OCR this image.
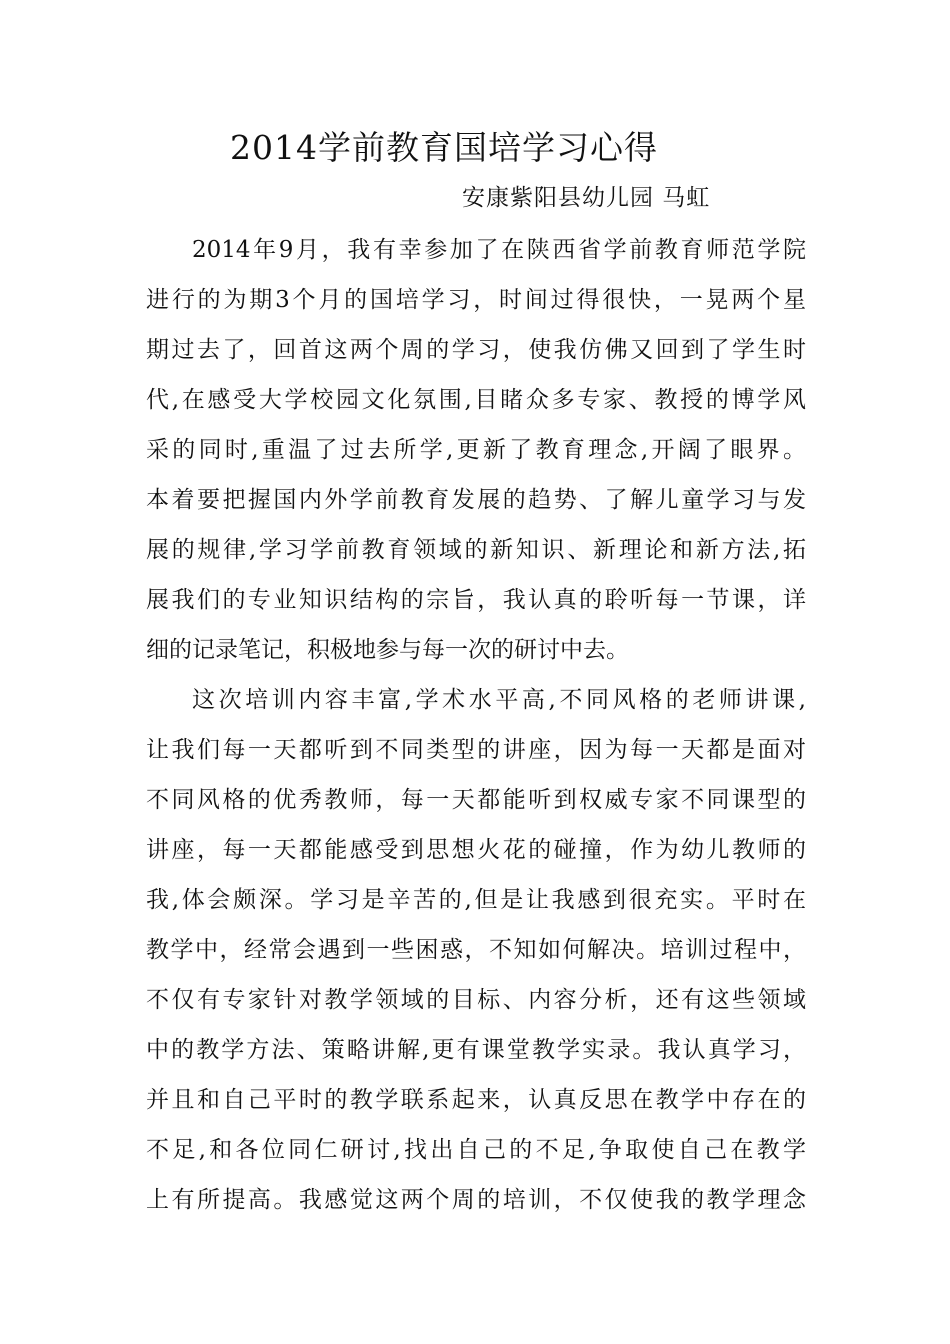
2014学前教育国培学习心得
安康紫阳县幼儿园 马虹
2014年9月，我有幸参加了在陕西省学前教育师范学院
进行的为期3个月的国培学习，时间过得很快，一晃两个星
期过去了，回首这两个周的学习，使我仿佛又回到了学生时
代,在感受大学校园文化氛围,目睹众多专家、教授的博学风
采的同时,重温了过去所学,更新了教育理念,开阔了眼界。
本着要把握国内外学前教育发展的趋势、了解儿童学习与发
展的规律,学习学前教育领域的新知识、新理论和新方法,拓
展我们的专业知识结构的宗旨，我认真的聆听每一节课，详
细的记录笔记，积极地参与每一次的研讨中去。
这次培训内容丰富,学术水平高,不同风格的老师讲课,
让我们每一天都听到不同类型的讲座，因为每一天都是面对
不同风格的优秀教师，每一天都能听到权威专家不同课型的
讲座，每一天都能感受到思想火花的碰撞，作为幼儿教师的
我,体会颇深。学习是辛苦的,但是让我感到很充实。平时在
教学中，经常会遇到一些困惑，不知如何解决。培训过程中，
不仅有专家针对教学领域的目标、内容分析，还有这些领域
中的教学方法、策略讲解,更有课堂教学实录。我认真学习，
并且和自己平时的教学联系起来，认真反思在教学中存在的
不足,和各位同仁研讨,找出自己的不足,争取使自己在教学
上有所提高。我感觉这两个周的培训，不仅使我的教学理念
